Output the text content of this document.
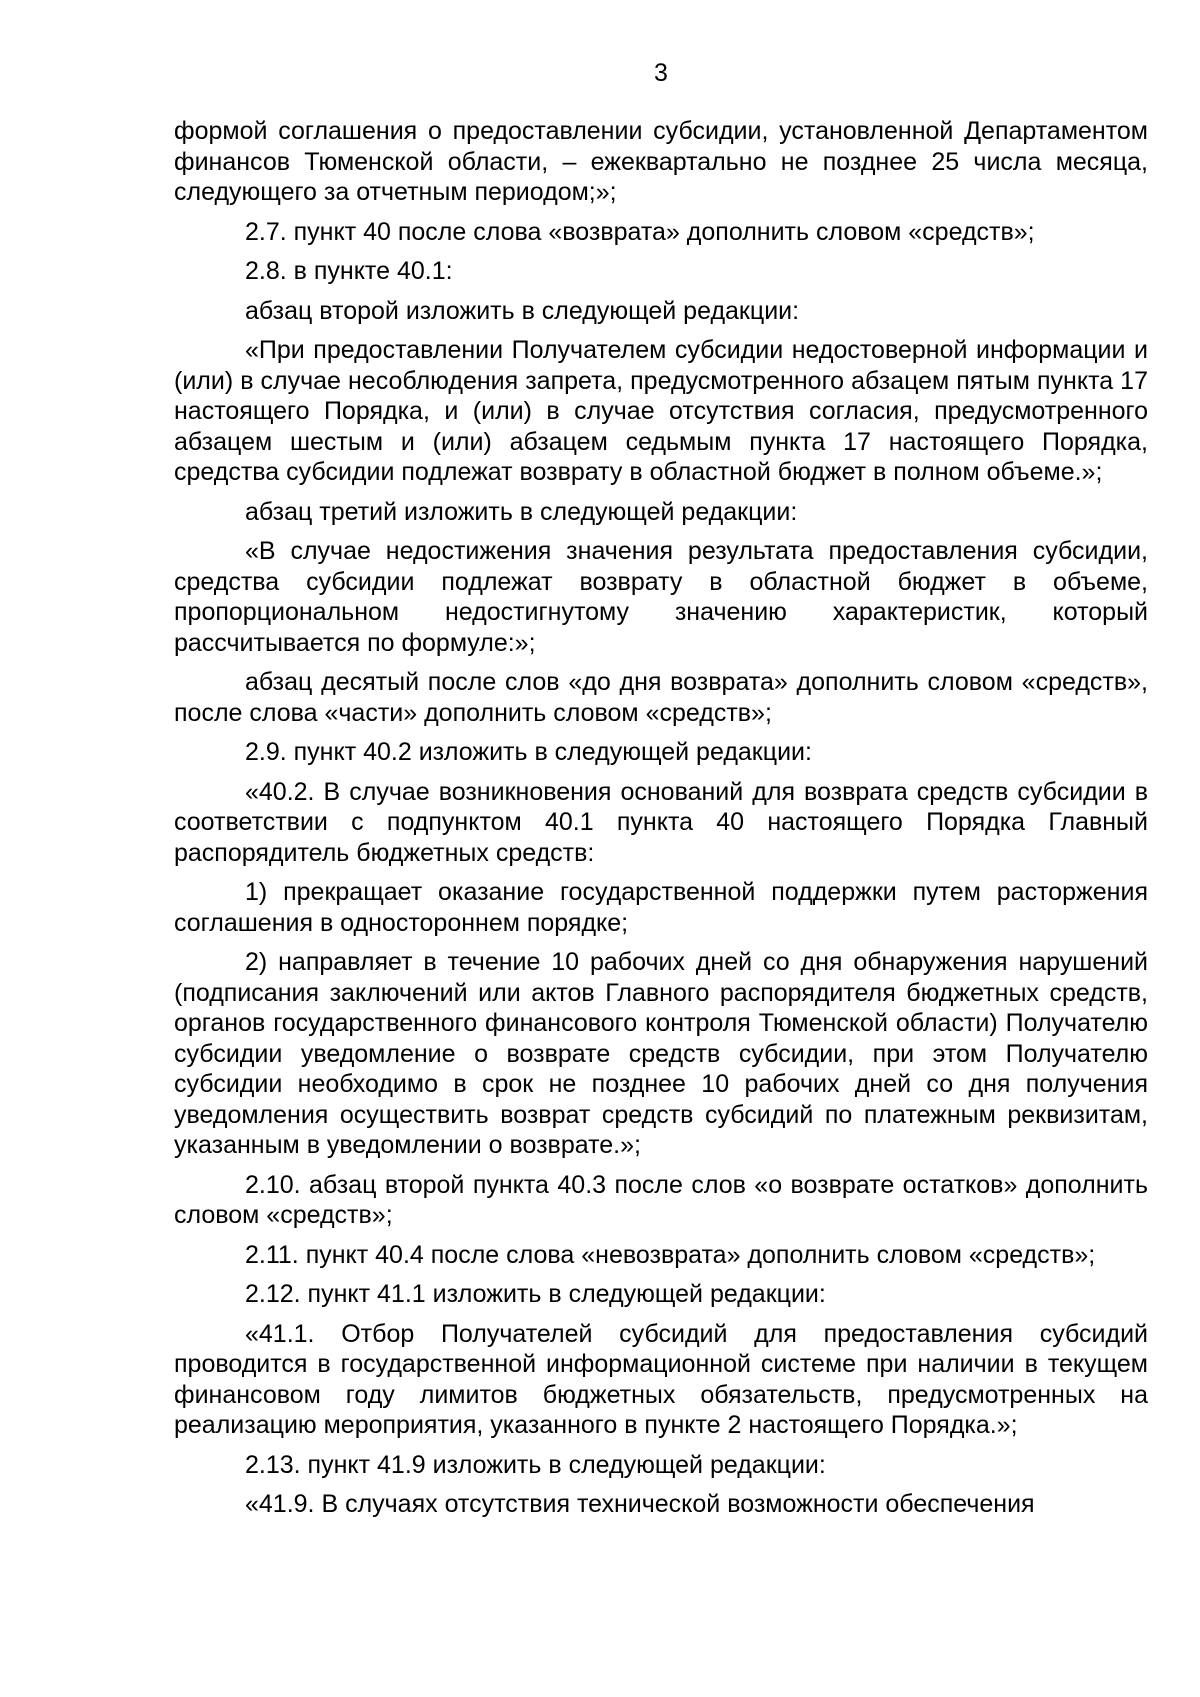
3

формой соглашения о предоставлении субсидии, установленной Департаментом финансов Тюменской области, – ежеквартально не позднее 25 числа месяца, следующего за отчетным периодом;»;

2.7. пункт 40 после слова «возврата» дополнить словом «средств»;

2.8. в пункте 40.1:

абзац второй изложить в следующей редакции:

«При предоставлении Получателем субсидии недостоверной информации и (или) в случае несоблюдения запрета, предусмотренного абзацем пятым пункта 17 настоящего Порядка, и (или) в случае отсутствия согласия, предусмотренного абзацем шестым и (или) абзацем седьмым пункта 17 настоящего Порядка, средства субсидии подлежат возврату в областной бюджет в полном объеме.»;

абзац третий изложить в следующей редакции:

«В случае недостижения значения результата предоставления субсидии, средства субсидии подлежат возврату в областной бюджет в объеме, пропорциональном недостигнутому значению характеристик, который рассчитывается по формуле:»;

абзац десятый после слов «до дня возврата» дополнить словом «средств», после слова «части» дополнить словом «средств»;

2.9. пункт 40.2 изложить в следующей редакции:

«40.2. В случае возникновения оснований для возврата средств субсидии в соответствии с подпунктом 40.1 пункта 40 настоящего Порядка Главный распорядитель бюджетных средств:

1) прекращает оказание государственной поддержки путем расторжения соглашения в одностороннем порядке;

2) направляет в течение 10 рабочих дней со дня обнаружения нарушений (подписания заключений или актов Главного распорядителя бюджетных средств, органов государственного финансового контроля Тюменской области) Получателю субсидии уведомление о возврате средств субсидии, при этом Получателю субсидии необходимо в срок не позднее 10 рабочих дней со дня получения уведомления осуществить возврат средств субсидий по платежным реквизитам, указанным в уведомлении о возврате.»;

2.10. абзац второй пункта 40.3 после слов «о возврате остатков» дополнить словом «средств»;

2.11. пункт 40.4 после слова «невозврата» дополнить словом «средств»;

2.12. пункт 41.1 изложить в следующей редакции:

«41.1. Отбор Получателей субсидий для предоставления субсидий проводится в государственной информационной системе при наличии в текущем финансовом году лимитов бюджетных обязательств, предусмотренных на реализацию мероприятия, указанного в пункте 2 настоящего Порядка.»;

2.13. пункт 41.9 изложить в следующей редакции:

«41.9. В случаях отсутствия технической возможности обеспечения
